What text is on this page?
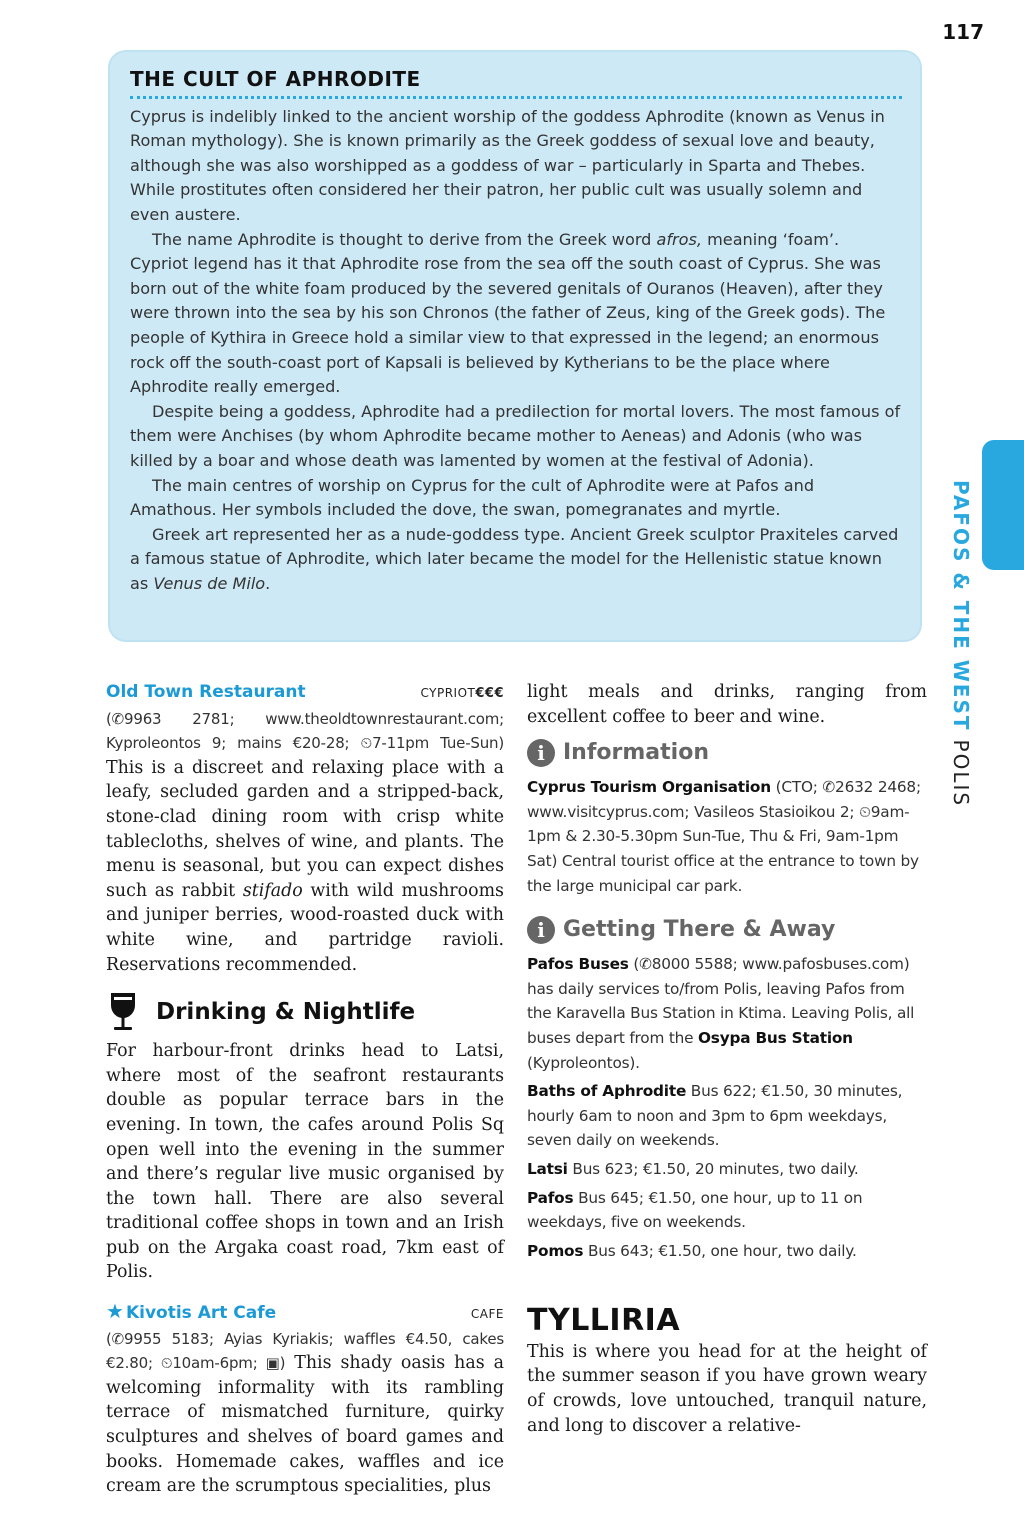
117
PAFOS & THE WESTPOLIS
THE CULT OF APHRODITE

Cyprus is indelibly linked to the ancient worship of the goddess Aphrodite (known as Venus in Roman mythology). She is known primarily as the Greek goddess of sexual love and beauty, although she was also worshipped as a goddess of war – particularly in Sparta and Thebes. While prostitutes often considered her their patron, her public cult was usually solemn and even austere.

The name Aphrodite is thought to derive from the Greek word afros, meaning ‘foam’. Cypriot legend has it that Aphrodite rose from the sea off the south coast of Cyprus. She was born out of the white foam produced by the severed genitals of Ouranos (Heaven), after they were thrown into the sea by his son Chronos (the father of Zeus, king of the Greek gods). The people of Kythira in Greece hold a similar view to that expressed in the legend; an enormous rock off the south-coast port of Kapsali is believed by Kytherians to be the place where Aphrodite really emerged.

Despite being a goddess, Aphrodite had a predilection for mortal lovers. The most famous of them were Anchises (by whom Aphrodite became mother to Aeneas) and Adonis (who was killed by a boar and whose death was lamented by women at the festival of Adonia).

The main centres of worship on Cyprus for the cult of Aphrodite were at Pafos and Amathous. Her symbols included the dove, the swan, pomegranates and myrtle.

Greek art represented her as a nude-goddess type. Ancient Greek sculptor Praxiteles carved a famous statue of Aphrodite, which later became the model for the Hellenistic statue known as Venus de Milo.

Old Town Restaurant	CYPRIOT€€€

(✆9963 2781; www.theoldtownrestaurant.com; Kyproleontos 9; mains €20-28; ⏲7-11pm Tue-Sun) This is a discreet and relaxing place with a leafy, secluded garden and a stripped-back, stone-clad dining room with crisp white tablecloths, shelves of wine, and plants. The menu is seasonal, but you can expect dishes such as rabbit stifado with wild mushrooms and juniper berries, wood-roasted duck with white wine, and partridge ravioli. Reservations recommended.

Drinking & Nightlife

For harbour-front drinks head to Latsi, where most of the seafront restaurants double as popular terrace bars in the evening. In town, the cafes around Polis Sq open well into the evening in the summer and there’s regular live music organised by the town hall. There are also several traditional coffee shops in town and an Irish pub on the Argaka coast road, 7km east of Polis.

★ Kivotis Art Cafe	CAFE

(✆9955 5183; Ayias Kyriakis; waffles €4.50, cakes €2.80; ⏲10am-6pm; ▣) This shady oasis has a welcoming informality with its rambling terrace of mismatched furniture, quirky sculptures and shelves of board games and books. Homemade cakes, waffles and ice cream are the scrumptous specialities, plus

light meals and drinks, ranging from excellent coffee to beer and wine.

i Information

Cyprus Tourism Organisation (CTO; ✆2632 2468; www.visitcyprus.com; Vasileos Stasioikou 2; ⏲9am-1pm & 2.30-5.30pm Sun-Tue, Thu & Fri, 9am-1pm Sat) Central tourist office at the entrance to town by the large municipal car park.

i Getting There & Away

Pafos Buses (✆8000 5588; www.pafosbuses.com) has daily services to/from Polis, leaving Pafos from the Karavella Bus Station in Ktima. Leaving Polis, all buses depart from the Osypa Bus Station (Kyproleontos).

Baths of Aphrodite Bus 622; €1.50, 30 minutes, hourly 6am to noon and 3pm to 6pm weekdays, seven daily on weekends.

Latsi Bus 623; €1.50, 20 minutes, two daily.

Pafos Bus 645; €1.50, one hour, up to 11 on weekdays, five on weekends.

Pomos Bus 643; €1.50, one hour, two daily.

TYLLIRIA

This is where you head for at the height of the summer season if you have grown weary of crowds, love untouched, tranquil nature, and long to discover a relative-
